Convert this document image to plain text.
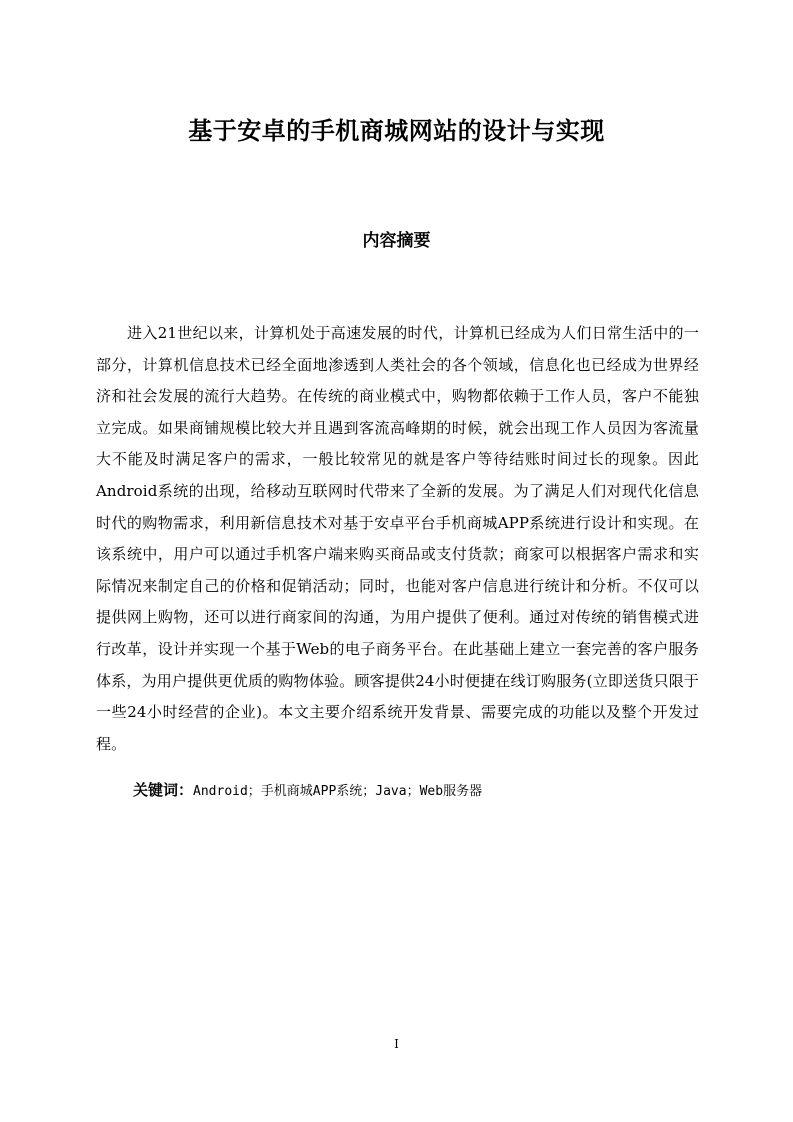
基于安卓的手机商城网站的设计与实现
内容摘要

进入21世纪以来，计算机处于高速发展的时代，计算机已经成为人们日常生活中的一部分，计算机信息技术已经全面地渗透到人类社会的各个领域，信息化也已经成为世界经济和社会发展的流行大趋势。在传统的商业模式中，购物都依赖于工作人员，客户不能独立完成。如果商铺规模比较大并且遇到客流高峰期的时候，就会出现工作人员因为客流量大不能及时满足客户的需求，一般比较常见的就是客户等待结账时间过长的现象。因此Android系统的出现，给移动互联网时代带来了全新的发展。为了满足人们对现代化信息时代的购物需求，利用新信息技术对基于安卓平台手机商城APP系统进行设计和实现。在该系统中，用户可以通过手机客户端来购买商品或支付货款；商家可以根据客户需求和实际情况来制定自己的价格和促销活动；同时，也能对客户信息进行统计和分析。不仅可以提供网上购物，还可以进行商家间的沟通，为用户提供了便利。通过对传统的销售模式进行改革，设计并实现一个基于Web的电子商务平台。在此基础上建立一套完善的客户服务体系，为用户提供更优质的购物体验。顾客提供24小时便捷在线订购服务(立即送货只限于一些24小时经营的企业)。本文主要介绍系统开发背景、需要完成的功能以及整个开发过程。

关键词：Android；手机商城APP系统；Java；Web服务器
I
